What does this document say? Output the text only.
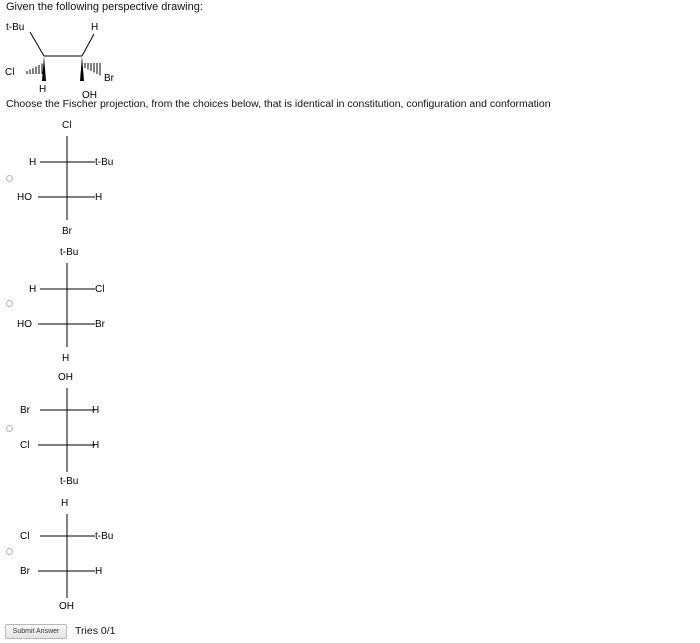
Given the following perspective drawing:
t-Bu	H
Cl
Br
H
OH
Choose the Fischer projection, from the choices below, that is identical in constitution, configuration and conformation
Cl
H	t-Bu
HO	H
Br
t-Bu
H	Cl
HO	Br
H
OH
Br	H
Cl	H
t-Bu
H
Cl	t-Bu
Br	H
OH
Submit Answer	Tries 0/1
